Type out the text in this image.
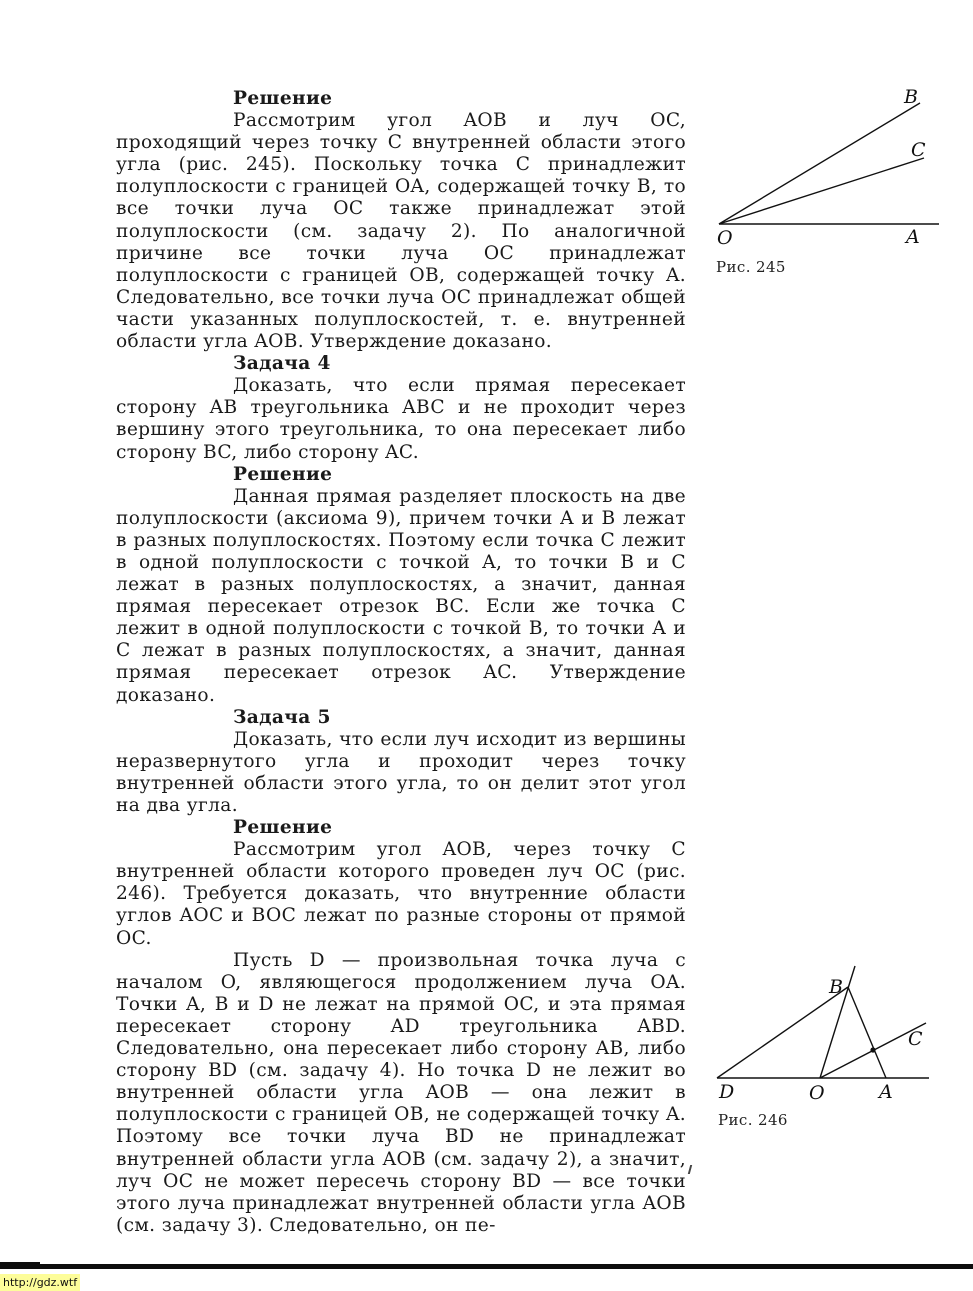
Решение

Рассмотрим угол AOB и луч OC, проходящий через точку C внутренней области этого угла (рис. 245). Поскольку точка C принадлежит полуплоскости с границей OA, содержащей точку B, то все точки луча OC также принадлежат этой полуплоскости (см. задачу 2). По аналогичной причине все точки луча OC принадлежат полуплоскости с границей OB, содержащей точку A. Следовательно, все точки луча OC принадлежат общей части указанных полуплоскостей, т. е. внутренней области угла AOB. Утверждение доказано.

Задача 4

Доказать, что если прямая пересекает сторону AB треугольника ABC и не проходит через вершину этого треугольника, то она пересекает либо сторону BC, либо сторону AC.

Решение

Данная прямая разделяет плоскость на две полуплоскости (аксиома 9), причем точки A и B лежат в разных полуплоскостях. Поэтому если точка C лежит в одной полуплоскости с точкой A, то точки B и C лежат в разных полуплоскостях, а значит, данная прямая пересекает отрезок BC. Если же точка C лежит в одной полуплоскости с точкой B, то точки A и C лежат в разных полуплоскостях, а значит, данная прямая пересекает отрезок AC. Утверждение доказано.

Задача 5

Доказать, что если луч исходит из вершины неразвернутого угла и проходит через точку внутренней области этого угла, то он делит этот угол на два угла.

Решение

Рассмотрим угол AOB, через точку C внутренней области которого проведен луч OC (рис. 246). Требуется доказать, что внутренние области углов AOC и BOC лежат по разные стороны от прямой OC.

Пусть D — произвольная точка луча с началом O, являющегося продолжением луча OA. Точки A, B и D не лежат на прямой OC, и эта прямая пересекает сторону AD треугольника ABD. Следовательно, она пересекает либо сторону AB, либо сторону BD (см. задачу 4). Но точка D не лежит во внутренней области угла AOB — она лежит в полуплоскости с границей OB, не содержащей точку A. Поэтому все точки луча BD не принадлежат внутренней области угла AOB (см. задачу 2), а значит, луч OC не может пересечь сторону BD — все точки этого луча принадлежат внутренней области угла AOB (см. задачу 3). Следовательно, он пе-

O	A
B
C
Рис. 245
D	O	A
B
C
Рис. 246
http://gdz.wtf
